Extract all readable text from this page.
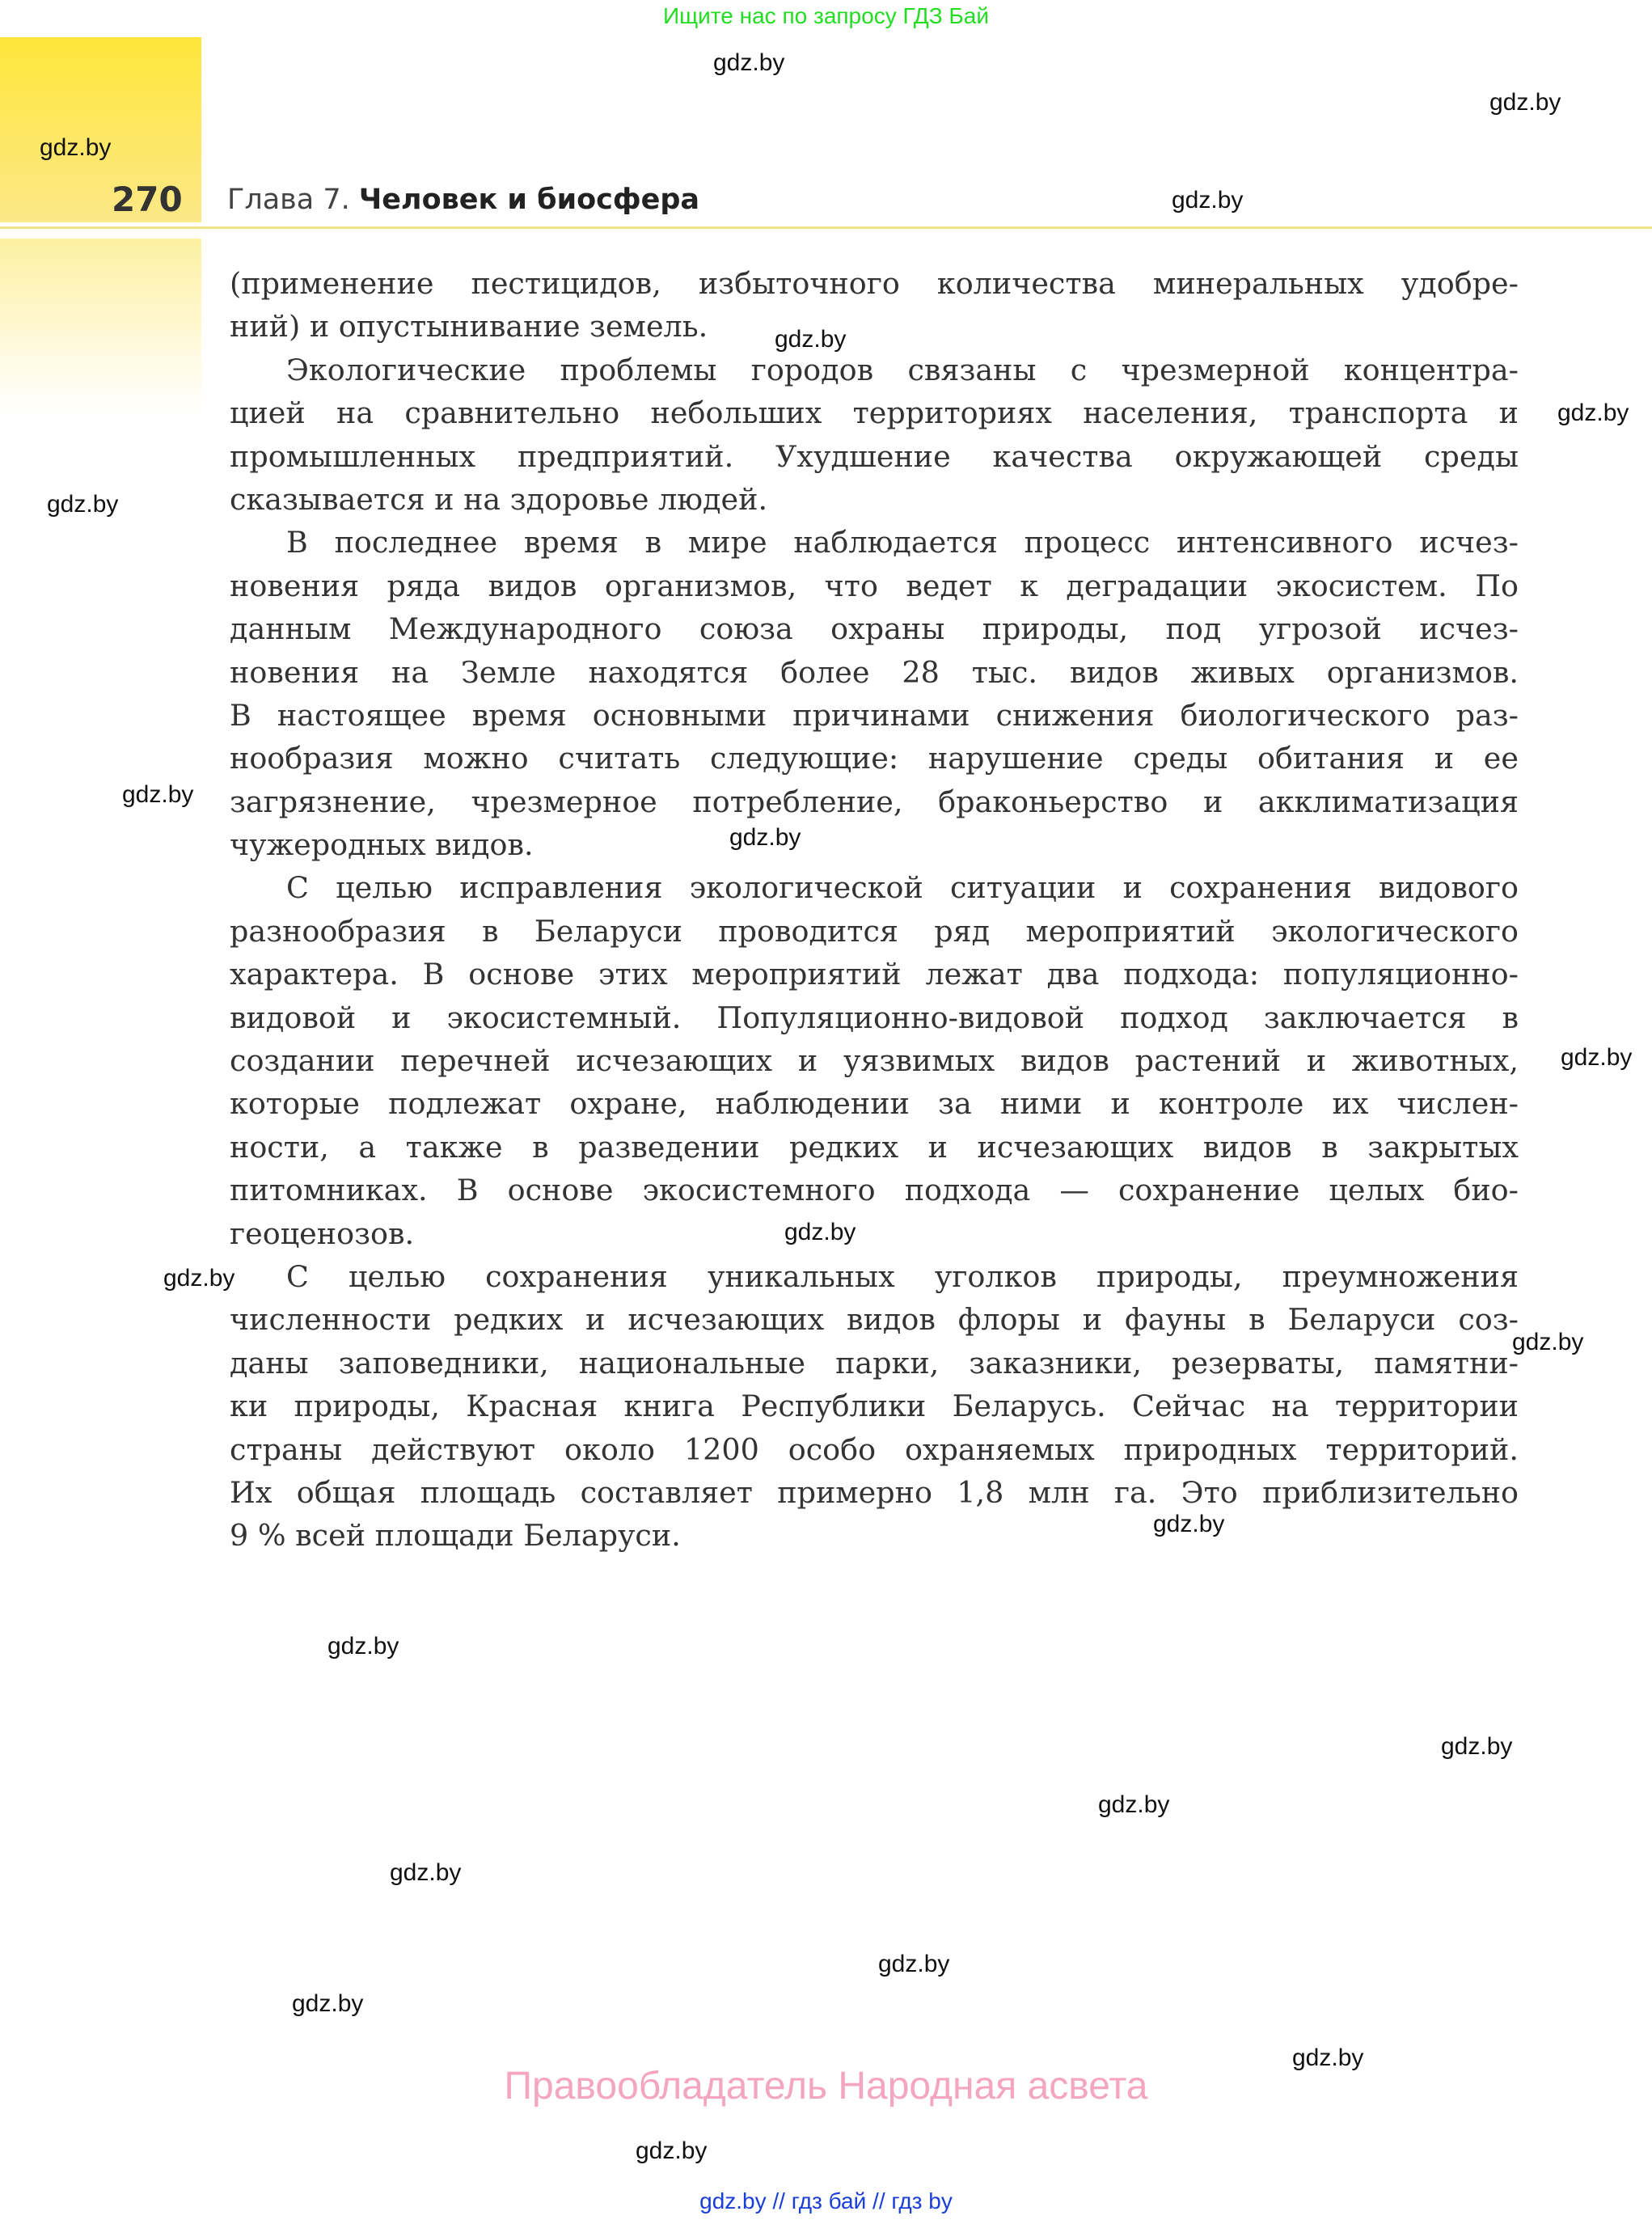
Ищите нас по запросу ГДЗ Бай
270 Глава 7. Человек и биосфера
(применение пестицидов, избыточного количества минеральных удобре-
ний) и опустынивание земель.
Экологические проблемы городов связаны с чрезмерной концентра-
цией на сравнительно небольших территориях населения, транспорта и
промышленных предприятий. Ухудшение качества окружающей среды
сказывается и на здоровье людей.
В последнее время в мире наблюдается процесс интенсивного исчез-
новения ряда видов организмов, что ведет к деградации экосистем. По
данным Международного союза охраны природы, под угрозой исчез-
новения на Земле находятся более 28 тыс. видов живых организмов.
В настоящее время основными причинами снижения биологического раз-
нообразия можно считать следующие: нарушение среды обитания и ее
загрязнение, чрезмерное потребление, браконьерство и акклиматизация
чужеродных видов.
С целью исправления экологической ситуации и сохранения видового
разнообразия в Беларуси проводится ряд мероприятий экологического
характера. В основе этих мероприятий лежат два подхода: популяционно-
видовой и экосистемный. Популяционно-видовой подход заключается в
создании перечней исчезающих и уязвимых видов растений и животных,
которые подлежат охране, наблюдении за ними и контроле их числен-
ности, а также в разведении редких и исчезающих видов в закрытых
питомниках. В основе экосистемного подхода — сохранение целых био-
геоценозов.
С целью сохранения уникальных уголков природы, преумножения
численности редких и исчезающих видов флоры и фауны в Беларуси соз-
даны заповедники, национальные парки, заказники, резерваты, памятни-
ки природы, Красная книга Республики Беларусь. Сейчас на территории
страны действуют около 1200 особо охраняемых природных территорий.
Их общая площадь составляет примерно 1,8 млн га. Это приблизительно
9 % всей площади Беларуси.
gdz.by
gdz.by
gdz.by
gdz.by
gdz.by
gdz.by
gdz.by
gdz.by
gdz.by
gdz.by
gdz.by
gdz.by
gdz.by
gdz.by
gdz.by
gdz.by
gdz.by
gdz.by
gdz.by
gdz.by
gdz.by
gdz.by
Правообладатель Народная асвета
gdz.by // гдз бай // гдз by
